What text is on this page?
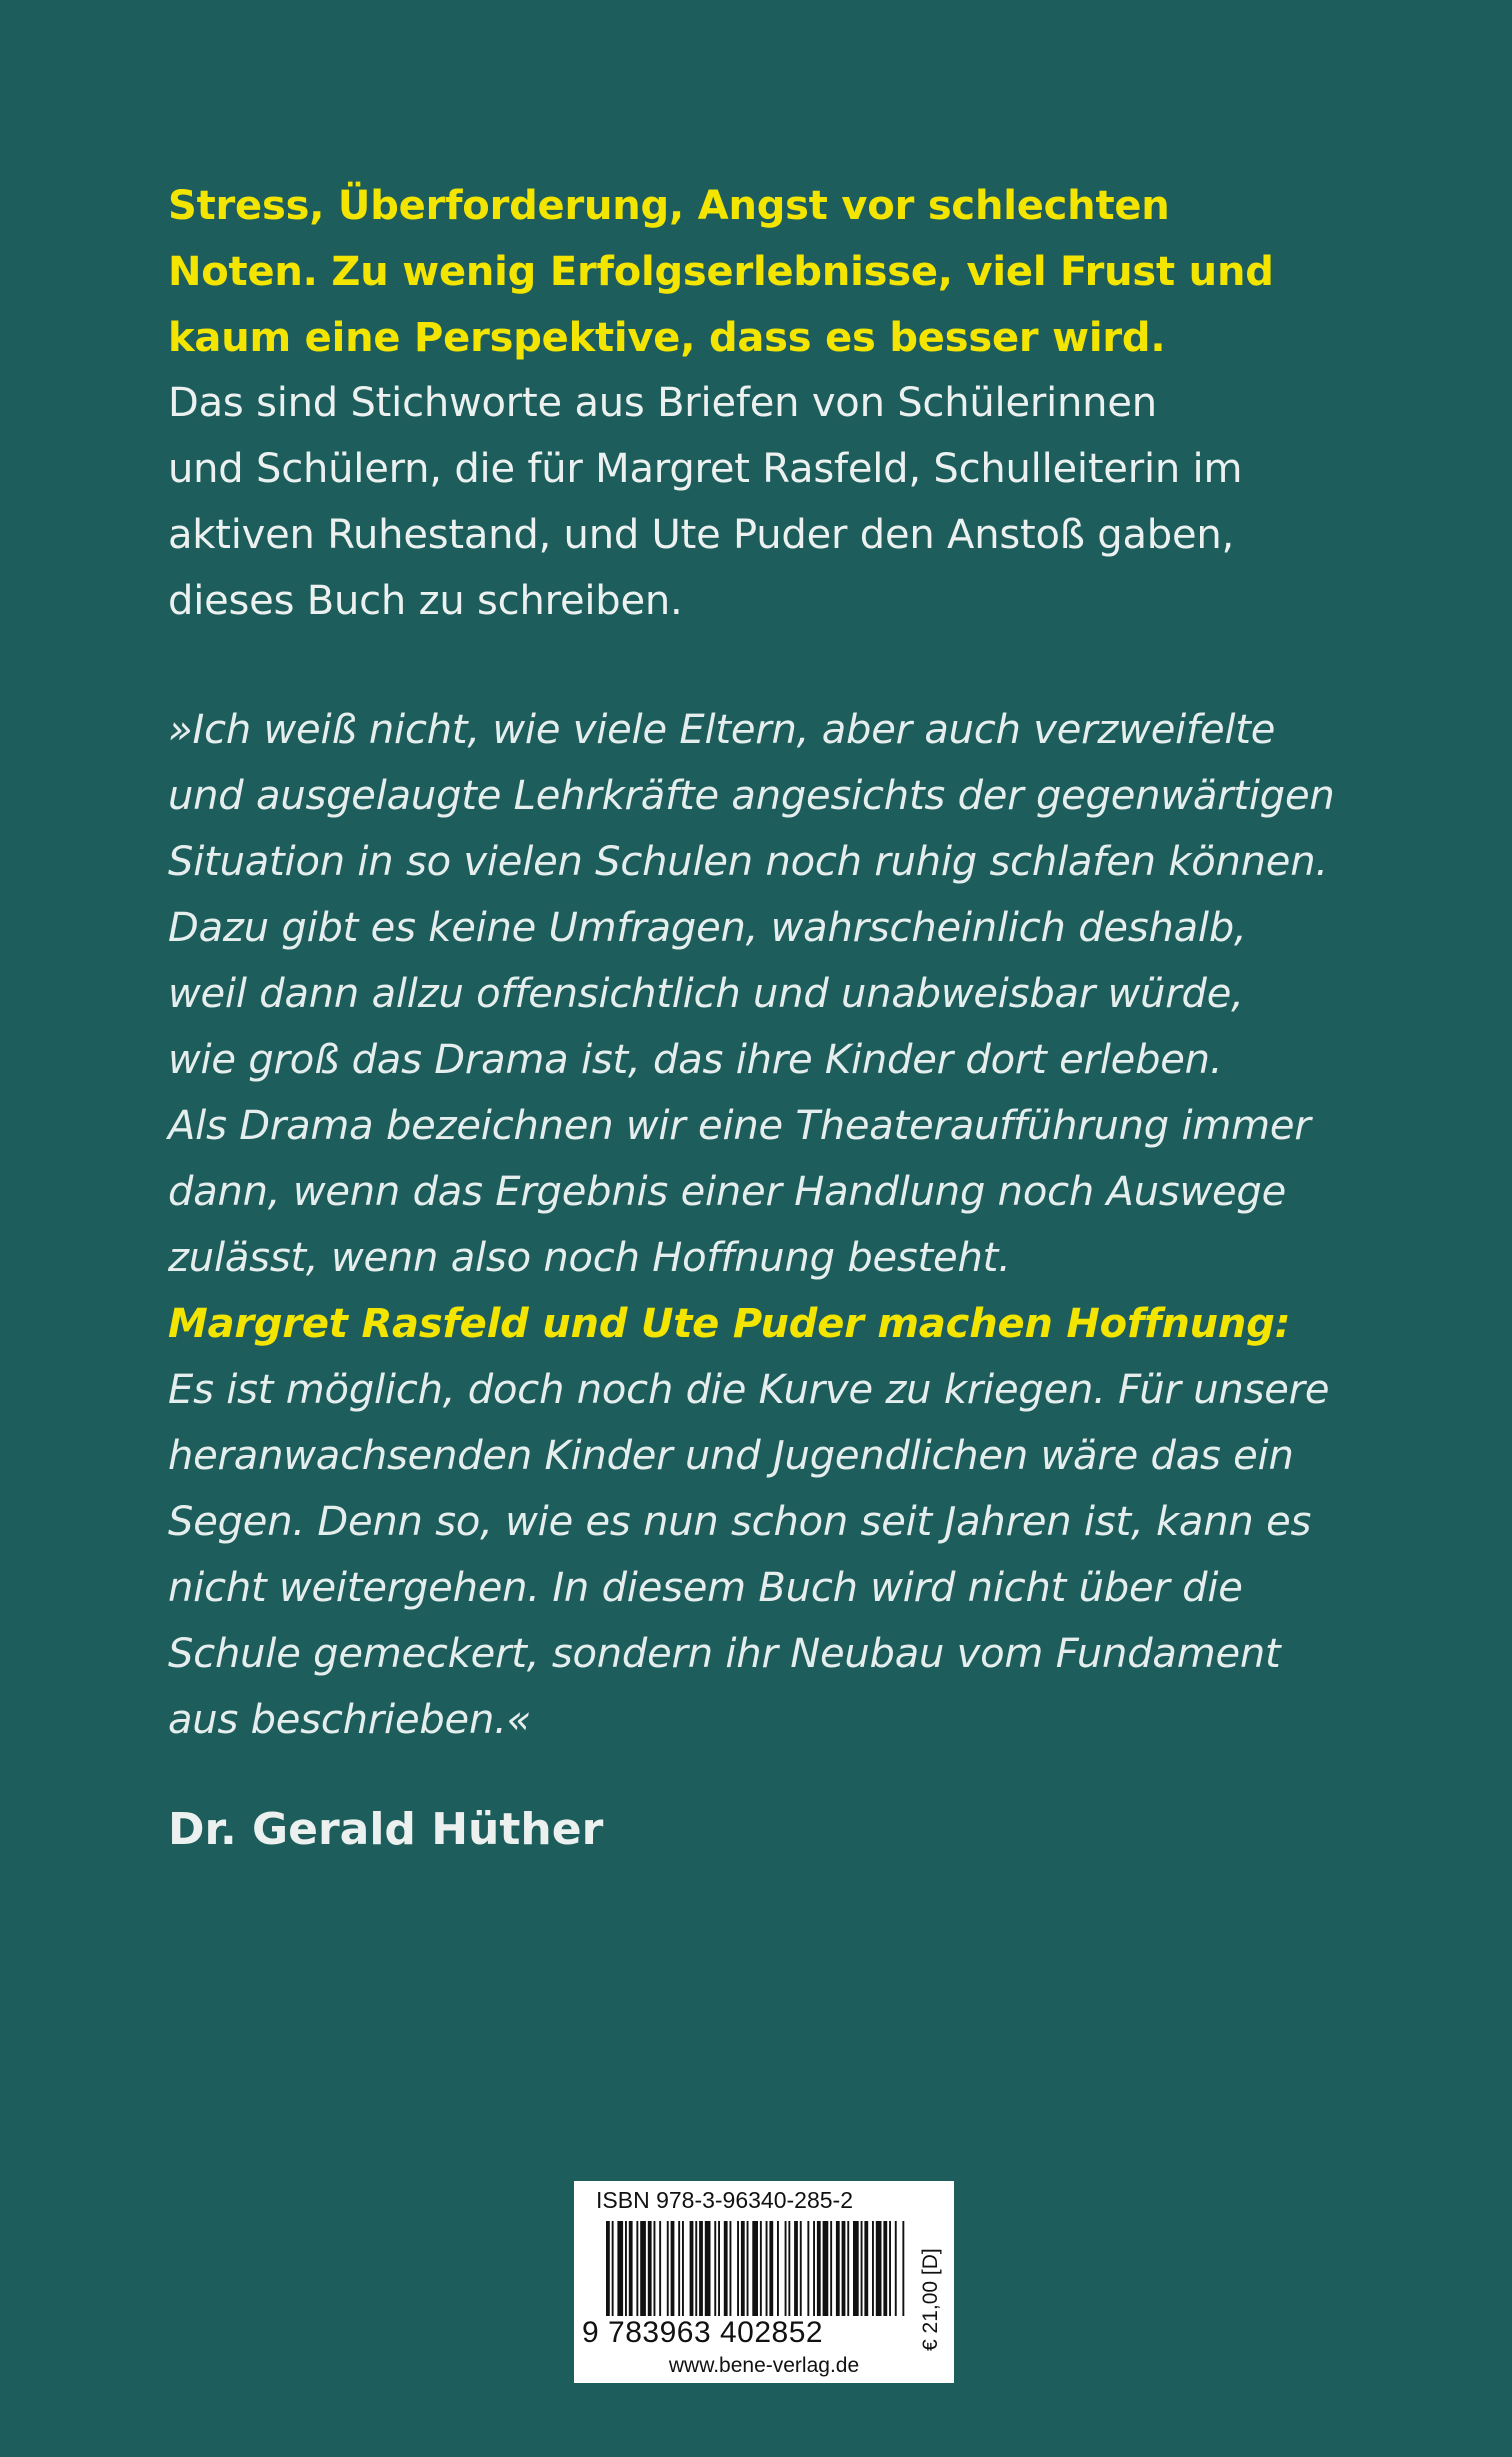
Stress, Überforderung, Angst vor schlechten
Noten. Zu wenig Erfolgserlebnisse, viel Frust und
kaum eine Perspektive, dass es besser wird.
Das sind Stichworte aus Briefen von Schülerinnen
und Schülern, die für Margret Rasfeld, Schulleiterin im
aktiven Ruhestand, und Ute Puder den Anstoß gaben,
dieses Buch zu schreiben.
»Ich weiß nicht, wie viele Eltern, aber auch verzweifelte
und ausgelaugte Lehrkräfte angesichts der gegenwärtigen
Situation in so vielen Schulen noch ruhig schlafen können.
Dazu gibt es keine Umfragen, wahrscheinlich deshalb,
weil dann allzu offensichtlich und unabweisbar würde,
wie groß das Drama ist, das ihre Kinder dort erleben.
Als Drama bezeichnen wir eine Theateraufführung immer
dann, wenn das Ergebnis einer Handlung noch Auswege
zulässt, wenn also noch Hoffnung besteht.
Margret Rasfeld und Ute Puder machen Hoffnung:
Es ist möglich, doch noch die Kurve zu kriegen. Für unsere
heranwachsenden Kinder und Jugendlichen wäre das ein
Segen. Denn so, wie es nun schon seit Jahren ist, kann es
nicht weitergehen. In diesem Buch wird nicht über die
Schule gemeckert, sondern ihr Neubau vom Fundament
aus beschrieben.«
Dr. Gerald Hüther
ISBN 978-3-96340-285-2
9 783963 402852	€ 21,00 [D]
www.bene-verlag.de
